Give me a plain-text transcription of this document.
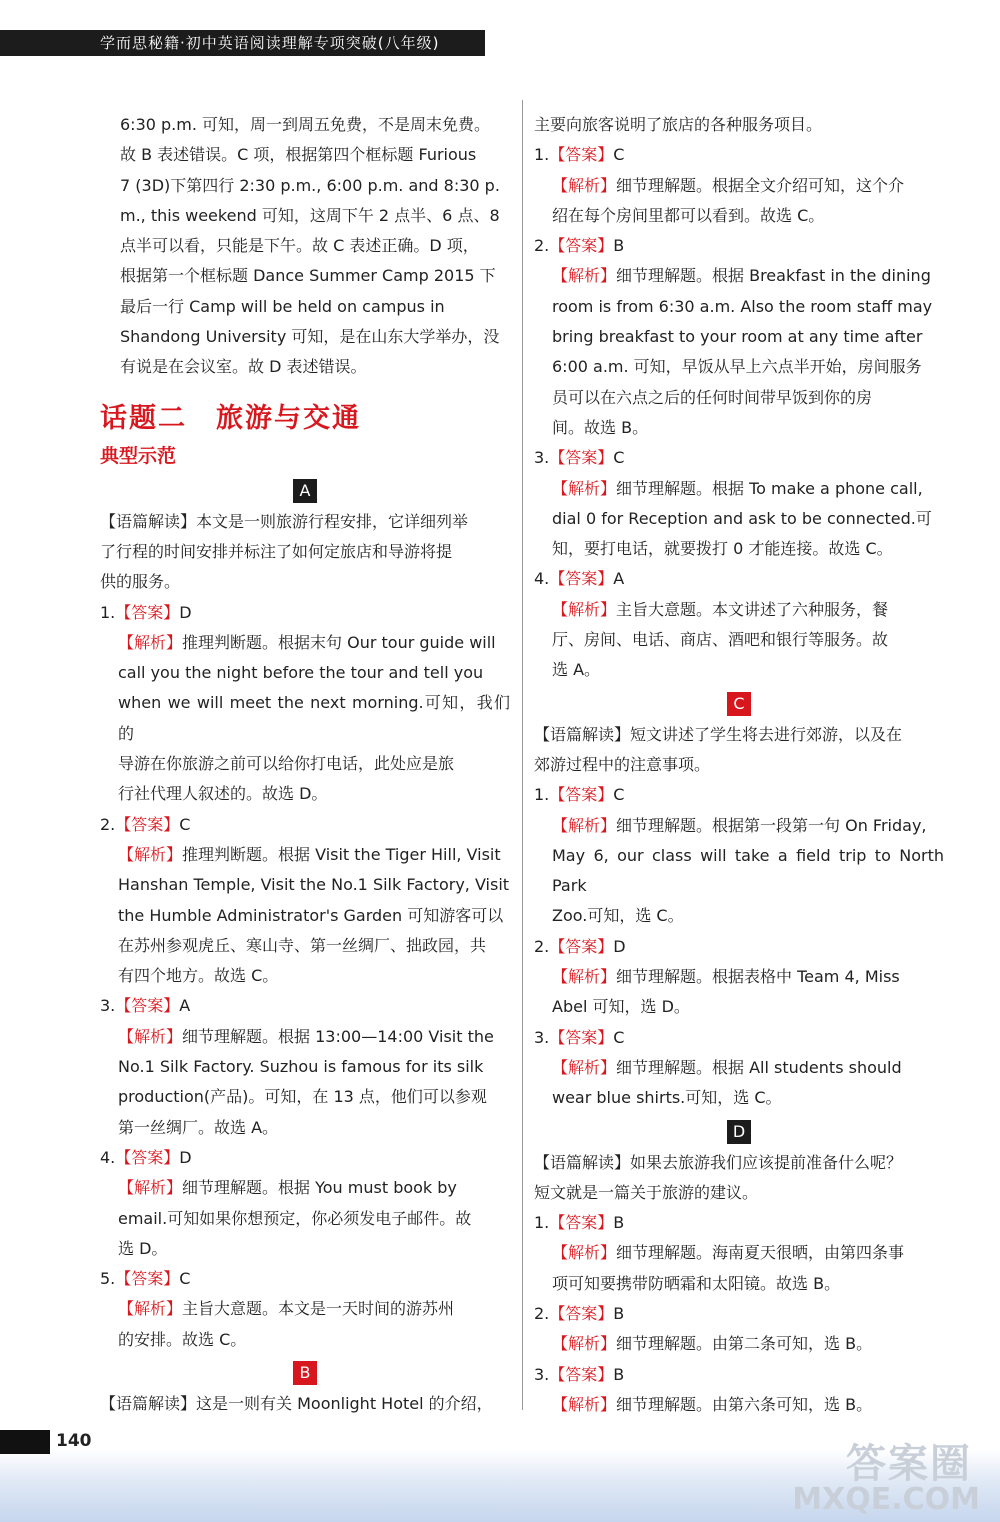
学而思秘籍·初中英语阅读理解专项突破(八年级)

6:30 p.m. 可知，周一到周五免费，不是周末免费。

故 B 表述错误。C 项，根据第四个框标题 Furious

7 (3D)下第四行 2:30 p.m., 6:00 p.m. and 8:30 p.

m., this weekend 可知，这周下午 2 点半、6 点、8

点半可以看，只能是下午。故 C 表述正确。D 项，

根据第一个框标题 Dance Summer Camp 2015 下

最后一行 Camp will be held on campus in

Shandong University 可知，是在山东大学举办，没

有说是在会议室。故 D 表述错误。

话题二　旅游与交通
典型示范
A

【语篇解读】本文是一则旅游行程安排，它详细列举

了行程的时间安排并标注了如何定旅店和导游将提

供的服务。

1.【答案】D

【解析】推理判断题。根据末句 Our tour guide will

call you the night before the tour and tell you

when we will meet the next morning.可知，我们的

导游在你旅游之前可以给你打电话，此处应是旅

行社代理人叙述的。故选 D。

2.【答案】C

【解析】推理判断题。根据 Visit the Tiger Hill, Visit

Hanshan Temple, Visit the No.1 Silk Factory, Visit

the Humble Administrator's Garden 可知游客可以

在苏州参观虎丘、寒山寺、第一丝绸厂、拙政园，共

有四个地方。故选 C。

3.【答案】A

【解析】细节理解题。根据 13:00—14:00 Visit the

No.1 Silk Factory. Suzhou is famous for its silk

production(产品)。可知，在 13 点，他们可以参观

第一丝绸厂。故选 A。

4.【答案】D

【解析】细节理解题。根据 You must book by

email.可知如果你想预定，你必须发电子邮件。故

选 D。

5.【答案】C

【解析】主旨大意题。本文是一天时间的游苏州

的安排。故选 C。

B

【语篇解读】这是一则有关 Moonlight Hotel 的介绍，

主要向旅客说明了旅店的各种服务项目。

1.【答案】C

【解析】细节理解题。根据全文介绍可知，这个介

绍在每个房间里都可以看到。故选 C。

2.【答案】B

【解析】细节理解题。根据 Breakfast in the dining

room is from 6:30 a.m. Also the room staff may

bring breakfast to your room at any time after

6:00 a.m. 可知，早饭从早上六点半开始，房间服务

员可以在六点之后的任何时间带早饭到你的房

间。故选 B。

3.【答案】C

【解析】细节理解题。根据 To make a phone call,

dial 0 for Reception and ask to be connected.可

知，要打电话，就要拨打 0 才能连接。故选 C。

4.【答案】A

【解析】主旨大意题。本文讲述了六种服务，餐

厅、房间、电话、商店、酒吧和银行等服务。故

选 A。

C

【语篇解读】短文讲述了学生将去进行郊游，以及在

郊游过程中的注意事项。

1.【答案】C

【解析】细节理解题。根据第一段第一句 On Friday,

May 6, our class will take a field trip to North Park

Zoo.可知，选 C。

2.【答案】D

【解析】细节理解题。根据表格中 Team 4, Miss

Abel 可知，选 D。

3.【答案】C

【解析】细节理解题。根据 All students should

wear blue shirts.可知，选 C。

D

【语篇解读】如果去旅游我们应该提前准备什么呢？

短文就是一篇关于旅游的建议。

1.【答案】B

【解析】细节理解题。海南夏天很晒，由第四条事

项可知要携带防晒霜和太阳镜。故选 B。

2.【答案】B

【解析】细节理解题。由第二条可知，选 B。

3.【答案】B

【解析】细节理解题。由第六条可知，选 B。

140	答案圈
MXQE.COM
